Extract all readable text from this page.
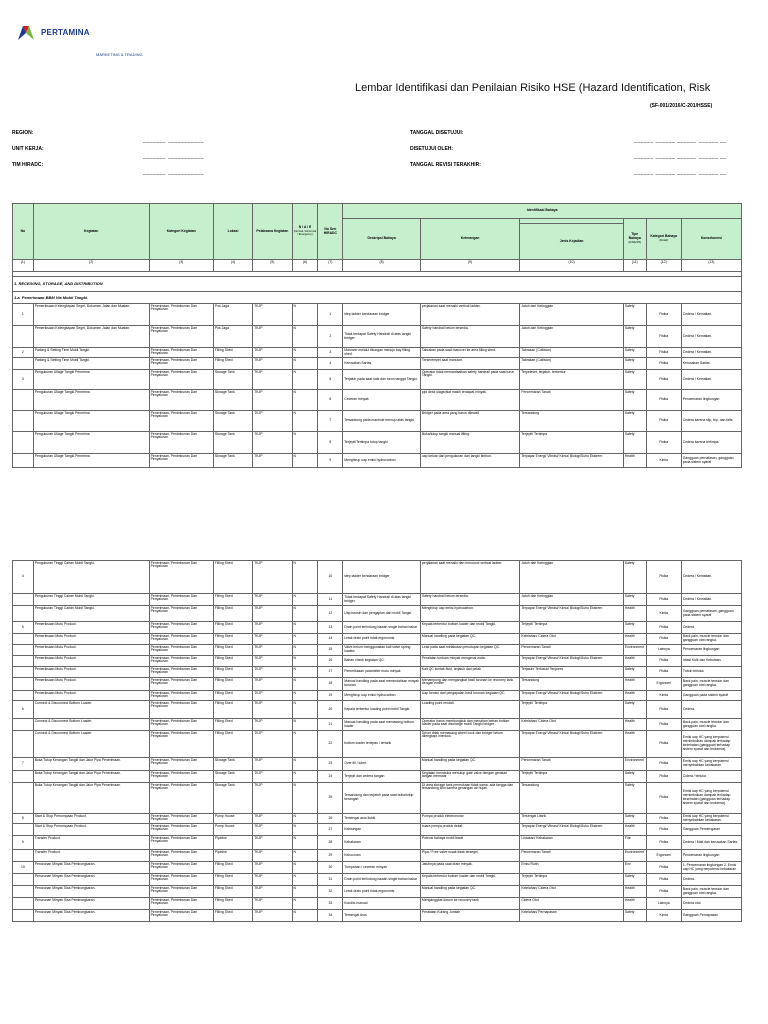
PERTAMINA
MARKETING & TRADING
Lembar Identifikasi dan Penilaian Risiko HSE (Hazard Identification, Risk
(SF-001/2016/C-201/HSSE)
REGION:
UNIT KERJA:
TIM HIRADC:
_______ ___________
_______ ___________
_______ ___________
TANGGAL DISETUJUI:
DISETUJUI OLEH:
TANGGAL REVISI TERAKHIR:
______ ______ ______ ______ __
______ ______ ______ ______ __
______ ______ ______ ______ __
No	Kegiatan	Kategori Kegiatan	Lokasi	Pelaksana Kegiatan	N / A / E
(Normal / Abnormal / Emergency)	No Seri HIRADC	Identifikasi Bahaya					
							Deskripsi Bahaya	Keterangan		Tipe Bahaya
(H/S/E/PS)	Kategori Bahaya
(Detail)	Konsekuensi
									Jenis Kejadian			
(1)	(2)	(3)	(4)	(5)	(6)	(7)	(8)	(9)	(10)	(11)	(12)	(13)

1. RECEIVING, STORAGE, AND DISTRIBUTION												
1.a. Penerimaan BBM Via Mobil Tangki.												
1	Pemeriksaan Kelengkapan Segel, Dokumen Jalan dan Muatan.	Penerimaan, Penimbunan Dan Penyaluran	Pos Jaga	TKJP	N	1	step ladder kendaraan bridger	perjalanan saat menaiki vertical ladder.	Jatuh dari Ketinggian	Safety	Fisika	Cedera / Kematian.
	Pemeriksaan Kelengkapan Segel, Dokumen Jalan dan Muatan.	Penerimaan, Penimbunan Dan Penyaluran	Pos Jaga	TKJP	N	2	Tidak terdapat Safety Handrail di atas tangki bridger	Safety handrail belum tersedia.	Jatuh dari Ketinggian	Safety	Fisika	Cedera / Kematian.
2	Parking & Setting Time Mobil Tangki.	Penerimaan, Penimbunan Dan Penyaluran	Filling Shed	TKJP	N	3	Manuver melalui tikungan menuju bay filling shed.	Tabrakan pada saat manuver ke area filling shed.	Tabrakan (Collision)	Safety	Fisika	Cedera / Kematian.
	Parking & Setting Time Mobil Tangki.	Penerimaan, Penimbunan Dan Penyaluran	Filling Shed	TKJP	N	4	Kerusakan Sarfas.	Terserempet saat manuver.	Tabrakan (Collision)	Safety	Fisika	Kerusakan Sarfas.
3	Pengukuran Ullage Tangki Penerima	Penerimaan, Penimbunan Dan Penyaluran	Storage Tank	TKJP	N	5	Terjatuh pada saat naik dan turun tangga Tangki.	Operator tidak memanfaatkan safety handrail pada saat turun Tangki.	Terpeleset, terjatuh, terbentur	Safety	Fisika	Cedera / Kematian.
	Pengukuran Ullage Tangki Penerima	Penerimaan, Penimbunan Dan Penyaluran	Storage Tank	TKJP	N	6	Ceceran minyak	pipi desk ulage/alat masih terdapat minyak.	Pencemaran Tanah	Safety	Fisika	Pencemaran lingkungan
	Pengukuran Ullage Tangki Penerima	Penerimaan, Penimbunan Dan Penyaluran	Storage Tank	TKJP	N	7	Tersandung pada manhole menuju atas tangki	Bridger pada area yang harus dilewati	Tersandung	Safety	Fisika	Cedera karena slip, trip, dan falls.
	Pengukuran Ullage Tangki Penerima	Penerimaan, Penimbunan Dan Penyaluran	Storage Tank	TKJP	N	8	Terjepit/Tertimpa tutup tangki	Buka/tutup tangki manual lifting.	Terjepit/ Tertimpa	Safety	Fisika	Cedera karena tertimpa.
	Pengukuran Ullage Tangki Penerima	Penerimaan, Penimbunan Dan Penyaluran	Storage Tank	TKJP	N	9	Menghirup uap emisi hydrocarbon	uap keluar dari pengukuran dari tangki timbun.	Terpapar Energi/ Vibrasi/ Kimia/ Biologi/Suhu Ekstrem	Health	Kimia	Gangguan pernafasan, gangguan pada sistem syaraf
4	Pengukuran Tinggi Cairan Mobil Tangki.	Penerimaan, Penimbunan Dan Penyaluran	Filling Shed	TKJP	N	10	step ladder kendaraan bridger	perjalanan saat menaiki dan menuruni vertical ladder.	Jatuh dari Ketinggian	Safety	Fisika	Cedera / Kematian.
	Pengukuran Tinggi Cairan Mobil Tangki.	Penerimaan, Penimbunan Dan Penyaluran	Filling Shed	TKJP	N	11	Tidak terdapat Safety Handrail di atas tangki bridger	Safety handrail belum tersedia.	Jatuh dari Ketinggian	Safety	Fisika	Cedera / Kematian.
	Pengukuran Tinggi Cairan Mobil Tangki.	Penerimaan, Penimbunan Dan Penyaluran	Filling Shed	TKJP	N	12	Uap bensin dan pengapian dari mobil Tangki.	Menghirup uap emisi hydrocarbon.	Terpapar Energi/ Vibrasi/ Kimia/ Biologi/Suhu Ekstrem	Health	Kimia	Gangguan pernafasan, gangguan pada sistem syaraf
5	Pemeriksaan Mutu Product.	Penerimaan, Penimbunan Dan Penyaluran	Filling Shed	TKJP	N	13	Drain point terlindung bawah single bahan bakar	Kepala terbentur bottom loader dan mobil Tangki.	Terjepit/ Tertimpa	Safety	Fisika	Cedera.
	Pemeriksaan Mutu Product.	Penerimaan, Penimbunan Dan Penyaluran	Filling Shed	TKJP	N	14	Letak drain point tidak ergonomis.	Manual handling pada kegiatan QC.	Kelelahan/ Cidera Otot	Health	Fisika	Back pain, muscle tension dan gangguan otot rangka.
	Pemeriksaan Mutu Product.	Penerimaan, Penimbunan Dan Penyaluran	Filling Shed	TKJP	N	15	Valve belum menggunakan ball valve spring loaded.	Leak pada saat melakukan penutupan kegiatan QC.	Pencemaran Tanah	Environment	Lainnya	Pencemaran lingkungan
	Pemeriksaan Mutu Product.	Penerimaan, Penimbunan Dan Penyaluran	Filling Shed	TKJP	N	16	Bahan check kegiatan QC.	Peralatan tuntuan minyak mengenai mata.	Terpapar Energi/ Vibrasi/ Kimia/ Biologi/Suhu Ekstrem	Health	Fisika	Iritasi Kulit dan Kebutaan.
	Pemeriksaan Mutu Product.	Penerimaan, Penimbunan Dan Penyaluran	Filling Shed	TKJP	N	17	Pemeriksaan parameter mutu minyak	Kait QC kontak fluid, terjatuh dari petak	Terjatuh/ Tertusuk/ Tergores	Safety	Fisika	Tubuh terluka
	Pemeriksaan Mutu Product.	Penerimaan, Penimbunan Dan Penyaluran	Filling Shed	TKJP	N	18	Manual handling pada saat memindahkan minyak turunan	Menampung dan mengangkat hasil turunan ke recovery tank dengan ember	Tersandung	Health	Ergonomi	Back pain, muscle tension dan gangguan otot rangka.
	Pemeriksaan Mutu Product.	Penerimaan, Penimbunan Dan Penyaluran	Filling Shed	TKJP	N	19	Menghirup uap emisi hydrocarbon	Uap bensin dari pengapalan hasil turunan kegiatan QC.	Terpapar Energi/ Vibrasi/ Kimia/ Biologi/Suhu Ekstrem	Health	Kimia	Gangguan pada sistem syaraf
6	Connect & Disconnect Bottom Loader.	Penerimaan, Penimbunan Dan Penyaluran	Filling Shed	TKJP	N	20	Kepala terbentur loading point mobil Tangki.	Loading point rendah.	Terjepit/ Tertimpa	Safety	Fisika	Cedera.
	Connect & Disconnect Bottom Loader.	Penerimaan, Penimbunan Dan Penyaluran	Filling Shed	TKJP	N	21	Manual handling pada saat memasang bottom loader	Operator harus membungkuk dan menahan beban bottom loader pada saat discharge mobil Tangki bridger	Kelelahan/ Cidera Otot	Health	Fisika	Back pain, muscle tension dan gangguan otot rangka.
	Connect & Disconnect Bottom Loader.	Penerimaan, Penimbunan Dan Penyaluran	Filling Shed	TKJP	N	22	bottom loader terlepas / tertarik	Driver tidak memasang wheel cock dan bridger belum dilengkapi interlock.	Terpapar Energi/ Vibrasi/ Kimia/ Biologi/Suhu Ekstrem	Health	Fisika	Emisi uap HC yang berpotensi menimbulkan dampak terhadap kesehatan (gangguan terhadap sistem syaraf dan leukemia).
7	Buka Tutup Kerangan Tangki dan Jalur Pipa Penerimaan.	Penerimaan, Penimbunan Dan Penyaluran	Storage Tank	TKJP	N	23	Over fill / luber.	Manual handling pada kegiatan QC.	Pencemaran Tanah	Environment	Fisika	Emisi uap HC yang berpotensi menyebabkan kebakaran.
	Buka Tutup Kerangan Tangki dan Jalur Pipa Penerimaan.	Penerimaan, Penimbunan Dan Penyaluran	Storage Tank	TKJP	N	24	Terjepit dan cedera tangan	Kegiatan membuka menutup gate valve dengan gerakan tangan memutar	Terjepit/ Tertimpa	Safety	Fisika	Cidera / terluka
	Buka Tutup Kerangan Tangki dan Jalur Pipa Penerimaan.	Penerimaan, Penimbunan Dan Penyaluran	Storage Tank	TKJP	N	25	Tersandung dan terjatuh pada saat buka/tutup kerangan	Di area storage tank permukaan tidak sama, ada tangga dan tersandung licin karena genangan air hujan.	Tersandung	Safety	Fisika	Emisi uap HC yang berpotensi menimbulkan dampak terhadap kesehatan (gangguan terhadap sistem syaraf dan leukemia).
8	Start & Stop Pemompaan Product.	Penerimaan, Penimbunan Dan Penyaluran	Pump House	TKJP	N	26	Tersengat arus listrik	Pompa produk elektromotor	Tersengat Listrik	Safety	Fisika	Emisi uap HC yang berpotensi menyebabkan kebakaran.
	Start & Stop Pemompaan Product.	Penerimaan, Penimbunan Dan Penyaluran	Pump House	TKJP	N	27	Kebisingan	suara pompa produk dekat	Terpapar Energi/ Vibrasi/ Kimia/ Biologi/Suhu Ekstrem	Health	Fisika	Gangguan Pendengaran
9	Transfer Product.	Penerimaan, Penimbunan Dan Penyaluran	Pipeline	TKJP	N	28	Kebakaran	Potensi bahaya mobil lewat	Ledakan/ Kebakaran	Fire	Fisika	Cedera / Mati dan kerusakan Sarfas.
	Transfer Product.	Penerimaan, Penimbunan Dan Penyaluran	Pipeline	TKJP	N	29	Kebocoran	Pipa / Free valve rusak tidak tersegel.	Pencemaran Tanah	Environment	Ergonomi	Pencemaran lingkungan
10	Penurunan Minyak Sisa Pembongkaran.	Penerimaan, Penimbunan Dan Penyaluran	Filling Shed	TKJP	N	30	Tumpahan / ceceran minyak	Jatuhnya pada saat drain minyak.	Emisi Rutin	Env	Fisika	1. Pencemaran lingkungan 2. Emisi uap HC yang berpotensi kebakaran
	Penurunan Minyak Sisa Pembongkaran.	Penerimaan, Penimbunan Dan Penyaluran	Filling Shed	TKJP	N	31	Drain point terlindung bawah single bahan bakar	Kepala terbentur bottom loader dan mobil Tangki.	Terjepit/ Tertimpa	Safety	Fisika	Cedera.
	Penurunan Minyak Sisa Pembongkaran.	Penerimaan, Penimbunan Dan Penyaluran	Filling Shed	TKJP	N	32	Letak drain point tidak ergonomis.	Manual handling pada kegiatan QC.	Kelelahan/ Cidera Otot	Health	Fisika	Back pain, muscle tension dan gangguan otot rangka.
	Penurunan Minyak Sisa Pembongkaran.	Penerimaan, Penimbunan Dan Penyaluran	Filling Shed	TKJP	N	33	Kondisi manual	Menganggkat dorum ke recovery tank	Cidera Otot	Health	Lainnya	Cedera otot
	Penurunan Minyak Sisa Pembongkaran.	Penerimaan, Penimbunan Dan Penyaluran	Filling Shed	TKJP	N	34	Tersengat Arus	Peralatan Kurang Jumlah	Kelelahan/ Pernapasan	Safety	Kimia	Gangguan Pernapasan
